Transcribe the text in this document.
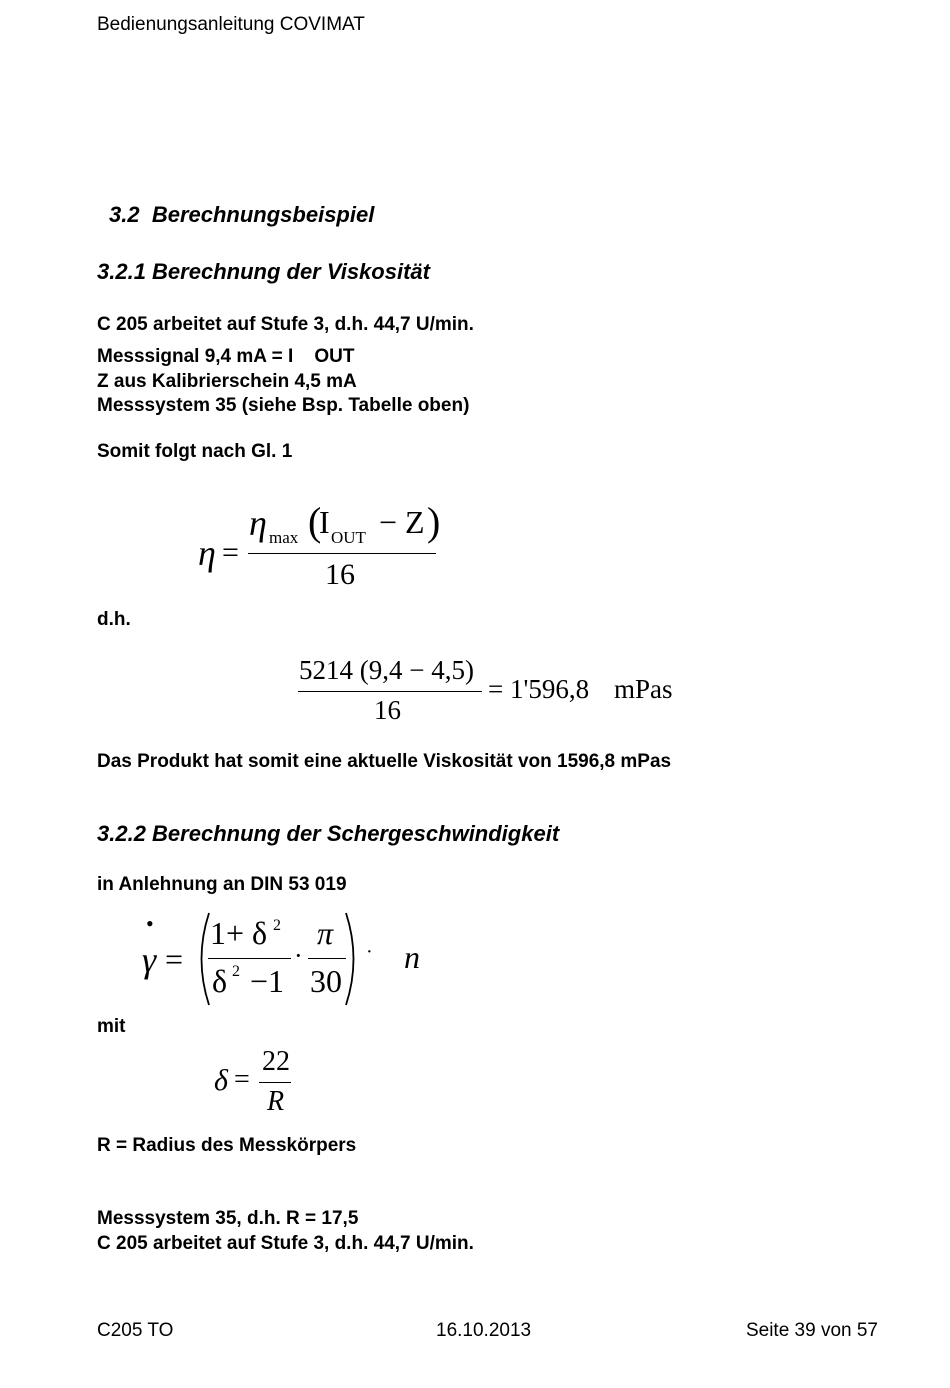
Bedienungsanleitung COVIMAT
3.2 Berechnungsbeispiel
3.2.1 Berechnung der Viskosität
C 205 arbeitet auf Stufe 3, d.h. 44,7 U/min.
Messsignal 9,4 mA = I    OUT
Z aus Kalibrierschein 4,5 mA
Messsystem 35 (siehe Bsp. Tabelle oben)
Somit folgt nach Gl. 1
η =
η max (
I OUT − Z )
16
d.h.
5214 (9,4 − 4,5)
16
= 1'596,8 mPas
Das Produkt hat somit eine aktuelle Viskosität von 1596,8 mPas
3.2.2 Berechnung der Schergeschwindigkeit
in Anlehnung an DIN 53 019
•
γ =
1+ δ 2
δ 2 −1
·
π
30
· n
mit
δ =
22
R
R = Radius des Messkörpers
Messsystem 35, d.h. R = 17,5
C 205 arbeitet auf Stufe 3, d.h. 44,7 U/min.
C205 TO	16.10.2013	Seite 39 von 57
